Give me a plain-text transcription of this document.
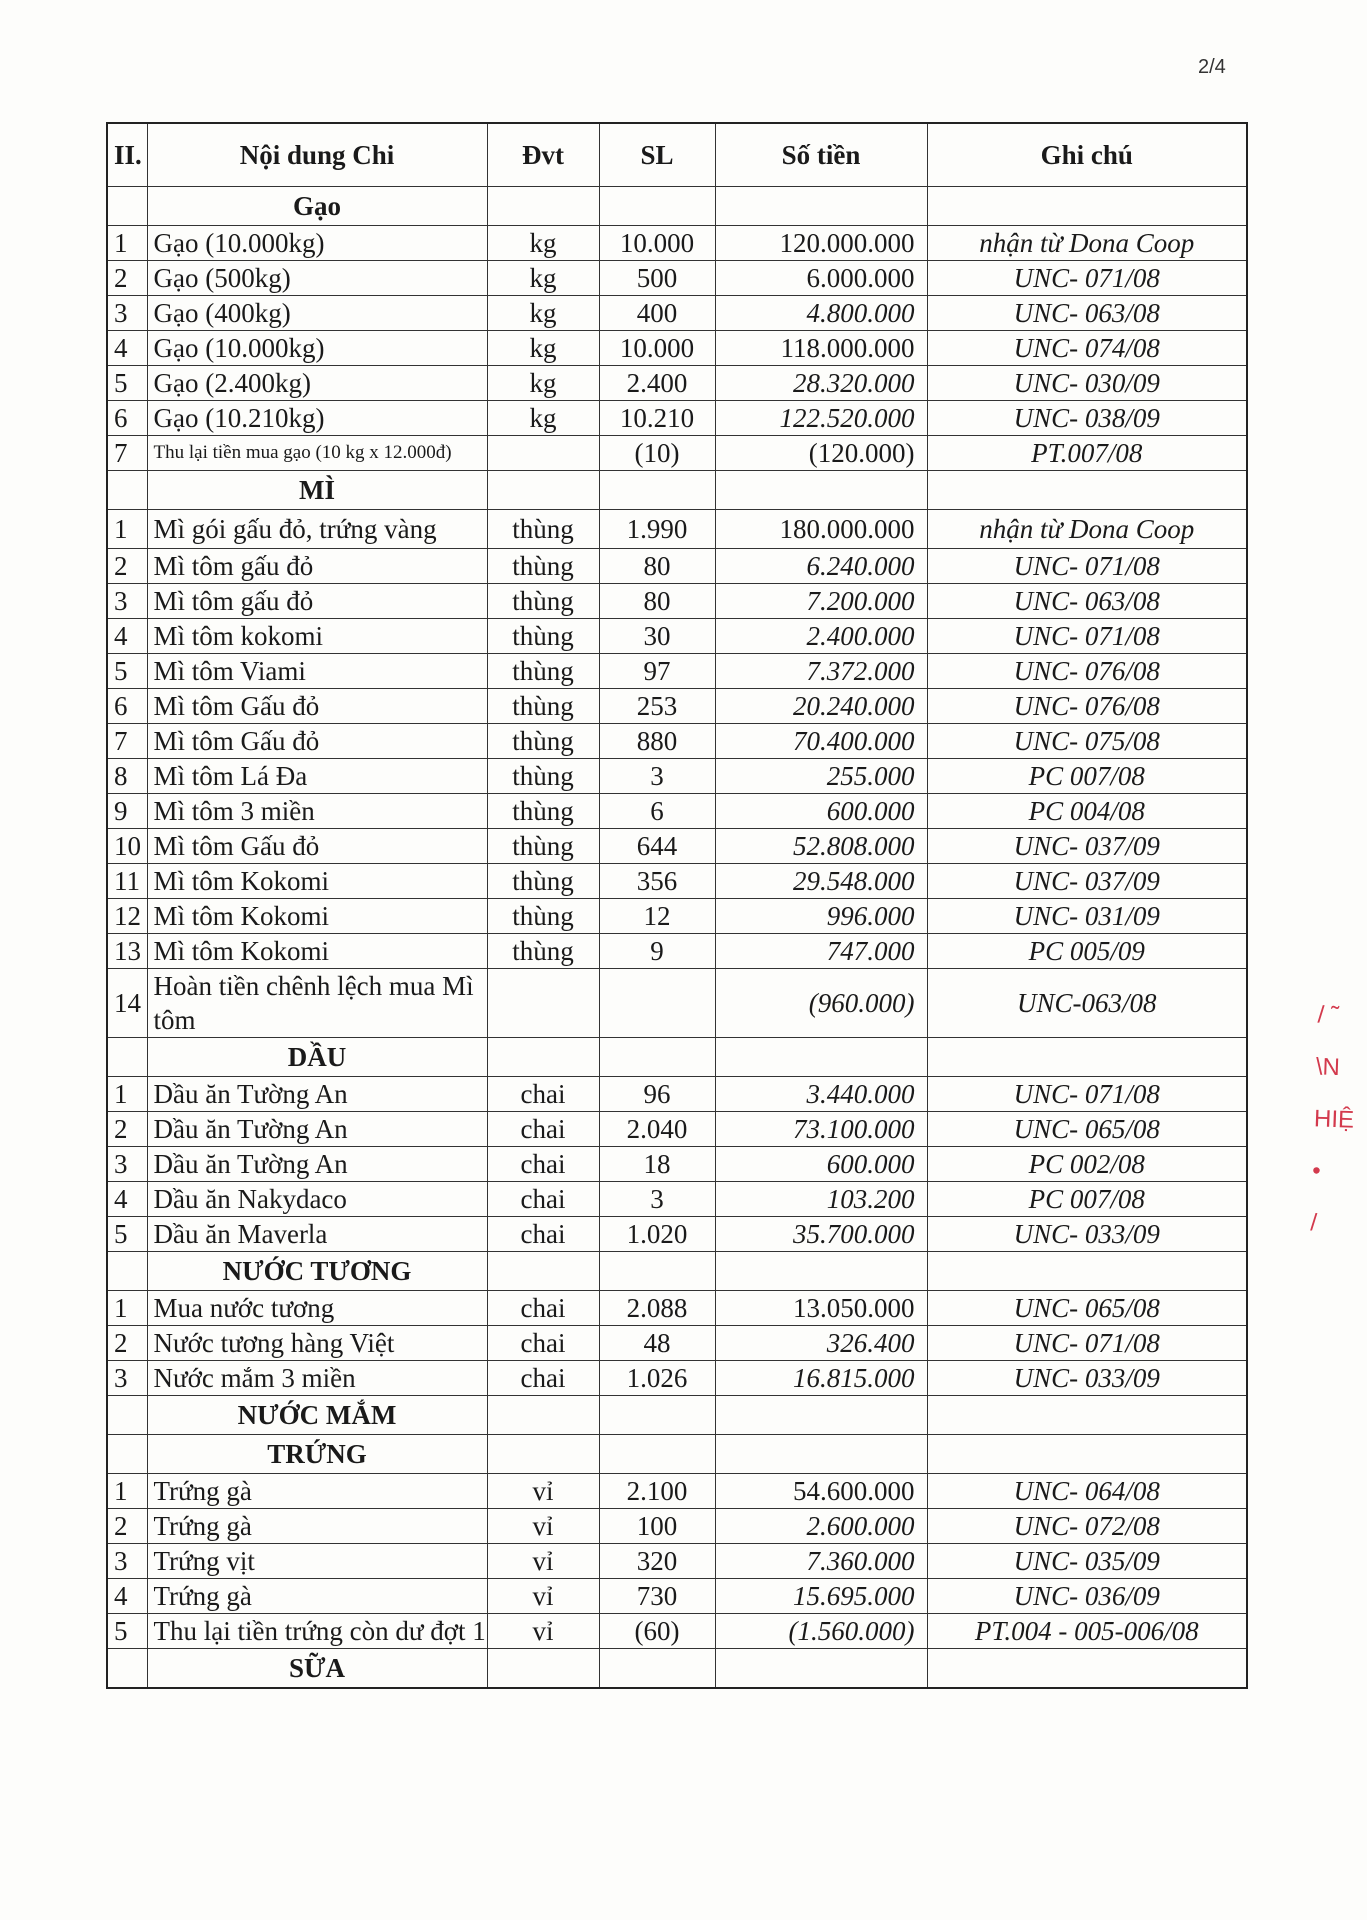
2/4
II.	Nội dung Chi	Đvt	SL	Số tiền	Ghi chú
	Gạo				
1	Gạo (10.000kg)	kg	10.000	120.000.000	nhận từ Dona Coop
2	Gạo (500kg)	kg	500	6.000.000	UNC- 071/08
3	Gạo (400kg)	kg	400	4.800.000	UNC- 063/08
4	Gạo (10.000kg)	kg	10.000	118.000.000	UNC- 074/08
5	Gạo (2.400kg)	kg	2.400	28.320.000	UNC- 030/09
6	Gạo (10.210kg)	kg	10.210	122.520.000	UNC- 038/09
7	Thu lại tiền mua gạo (10 kg x 12.000đ)		(10)	(120.000)	PT.007/08
	MÌ				
1	Mì gói gấu đỏ, trứng vàng	thùng	1.990	180.000.000	nhận từ Dona Coop
2	Mì tôm gấu đỏ	thùng	80	6.240.000	UNC- 071/08
3	Mì tôm gấu đỏ	thùng	80	7.200.000	UNC- 063/08
4	Mì tôm kokomi	thùng	30	2.400.000	UNC- 071/08
5	Mì tôm Viami	thùng	97	7.372.000	UNC- 076/08
6	Mì tôm Gấu đỏ	thùng	253	20.240.000	UNC- 076/08
7	Mì tôm Gấu đỏ	thùng	880	70.400.000	UNC- 075/08
8	Mì tôm Lá Đa	thùng	3	255.000	PC 007/08
9	Mì tôm 3 miền	thùng	6	600.000	PC 004/08
10	Mì tôm Gấu đỏ	thùng	644	52.808.000	UNC- 037/09
11	Mì tôm Kokomi	thùng	356	29.548.000	UNC- 037/09
12	Mì tôm Kokomi	thùng	12	996.000	UNC- 031/09
13	Mì tôm Kokomi	thùng	9	747.000	PC 005/09
14	Hoàn tiền chênh lệch mua Mì tôm			(960.000)	UNC-063/08
	DẦU				
1	Dầu ăn Tường An	chai	96	3.440.000	UNC- 071/08
2	Dầu ăn Tường An	chai	2.040	73.100.000	UNC- 065/08
3	Dầu ăn Tường An	chai	18	600.000	PC 002/08
4	Dầu ăn Nakydaco	chai	3	103.200	PC 007/08
5	Dầu ăn Maverla	chai	1.020	35.700.000	UNC- 033/09
	NƯỚC TƯƠNG				
1	Mua nước tương	chai	2.088	13.050.000	UNC- 065/08
2	Nước tương hàng Việt	chai	48	326.400	UNC- 071/08
3	Nước mắm 3 miền	chai	1.026	16.815.000	UNC- 033/09
	NƯỚC MẮM				
	TRỨNG				
1	Trứng gà	vỉ	2.100	54.600.000	UNC- 064/08
2	Trứng gà	vỉ	100	2.600.000	UNC- 072/08
3	Trứng vịt	vỉ	320	7.360.000	UNC- 035/09
4	Trứng gà	vỉ	730	15.695.000	UNC- 036/09
5	Thu lại tiền trứng còn dư đợt 1	vỉ	(60)	(1.560.000)	PT.004 - 005-006/08
	SỮA				
/ ̃
\N
HIỆ
•
/
